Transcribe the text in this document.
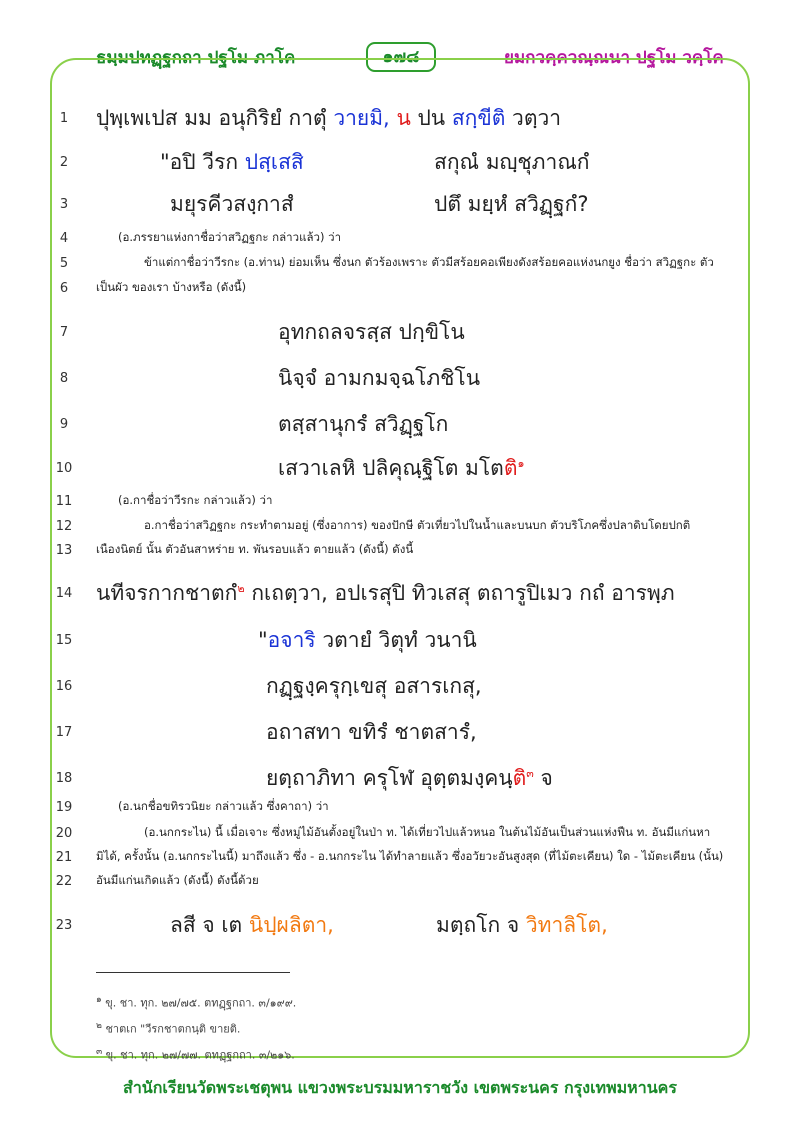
ธมฺมปทฏฺฐกถา ปฐโม ภาโค	๑๗๘	ยมกวคฺควณฺณนา ปฐโม วคฺโค
1	ปุพฺเพเปส มม อนุกิริยํ กาตุํ วายมิ, น ปน สกฺขีติ วตฺวา
2	"อปิ วีรก ปสฺเสสิ	สกุณํ มญฺชุภาณกํ
3	มยุรคีวสงฺกาสํ	ปตึ มยฺหํ สวิฏฺฐกํ?
4	(อ.ภรรยาแห่งกาชื่อว่าสวิฏฐกะ กล่าวแล้ว) ว่า
5	ข้าแต่กาชื่อว่าวีรกะ (อ.ท่าน) ย่อมเห็น ซึ่งนก ตัวร้องเพราะ ตัวมีสร้อยคอเพียงดังสร้อยคอแห่งนกยูง ชื่อว่า สวิฏฐกะ ตัว
6	เป็นผัว ของเรา บ้างหรือ (ดังนี้)
7	อุทกถลจรสฺส ปกฺขิโน
8	นิจฺจํ อามกมจฺฉโภชิโน
9	ตสฺสานุกรํ สวิฏฺฐโก
10	เสวาเลหิ ปลิคุณฺฐิโต มโตติ$^๑$
11	(อ.กาชื่อว่าวีรกะ กล่าวแล้ว) ว่า
12	อ.กาชื่อว่าสวิฏฐกะ กระทำตามอยู่ (ซึ่งอาการ) ของปักษี ตัวเที่ยวไปในน้ำและบนบก ตัวบริโภคซึ่งปลาดิบโดยปกติ
13	เนืองนิตย์ นั้น ตัวอันสาหร่าย ท. พันรอบแล้ว ตายแล้ว (ดังนี้) ดังนี้
14 นทีจรกากชาตกํ$^๒$ กเถตฺวา, อปเรสุปิ ทิวเสสุ ตถารูปิเมว กถํ อารพฺภ
15	"อจาริ วตายํ วิตุทํ วนานิ
16	กฏฺฐงฺครุกฺเขสุ อสารเกสุ,
17	อถาสทา ขทิรํ ชาตสารํ,
18	ยตฺถาภิทา ครุโฬ อุตฺตมงฺคนฺติ$^๓$ จ
19	(อ.นกชื่อขทิรวนิยะ กล่าวแล้ว ซึ่งคาถา) ว่า
20	(อ.นกกระไน) นี้ เมื่อเจาะ ซึ่งหมู่ไม้อันตั้งอยู่ในป่า ท. ได้เที่ยวไปแล้วหนอ ในต้นไม้อันเป็นส่วนแห่งฟืน ท. อันมีแก่นหา
21	มิได้, ครั้งนั้น (อ.นกกระไนนี้) มาถึงแล้ว ซึ่ง - อ.นกกระไน ได้ทำลายแล้ว ซึ่งอวัยวะอันสูงสุด (ที่ไม้ตะเคียน) ใด - ไม้ตะเคียน (นั้น)
22	อันมีแก่นเกิดแล้ว (ดังนี้) ดังนี้ด้วย
23	ลสี จ เต นิปฺผลิตา,	มตฺถโก จ วิทาลิโต,
$^๑$ ขุ. ชา. ทุก. ๒๗/๗๕. ตทฏฺฐกถา. ๓/๑๙๙.
$^๒$ ชาตเก "วีรกชาตกนฺติ ขายติ.
$^๓$ ขุ. ชา. ทุก. ๒๗/๗๗. ตทฏฺฐกถา. ๓/๒๑๖.
สำนักเรียนวัดพระเชตุพน แขวงพระบรมมหาราชวัง เขตพระนคร กรุงเทพมหานคร
